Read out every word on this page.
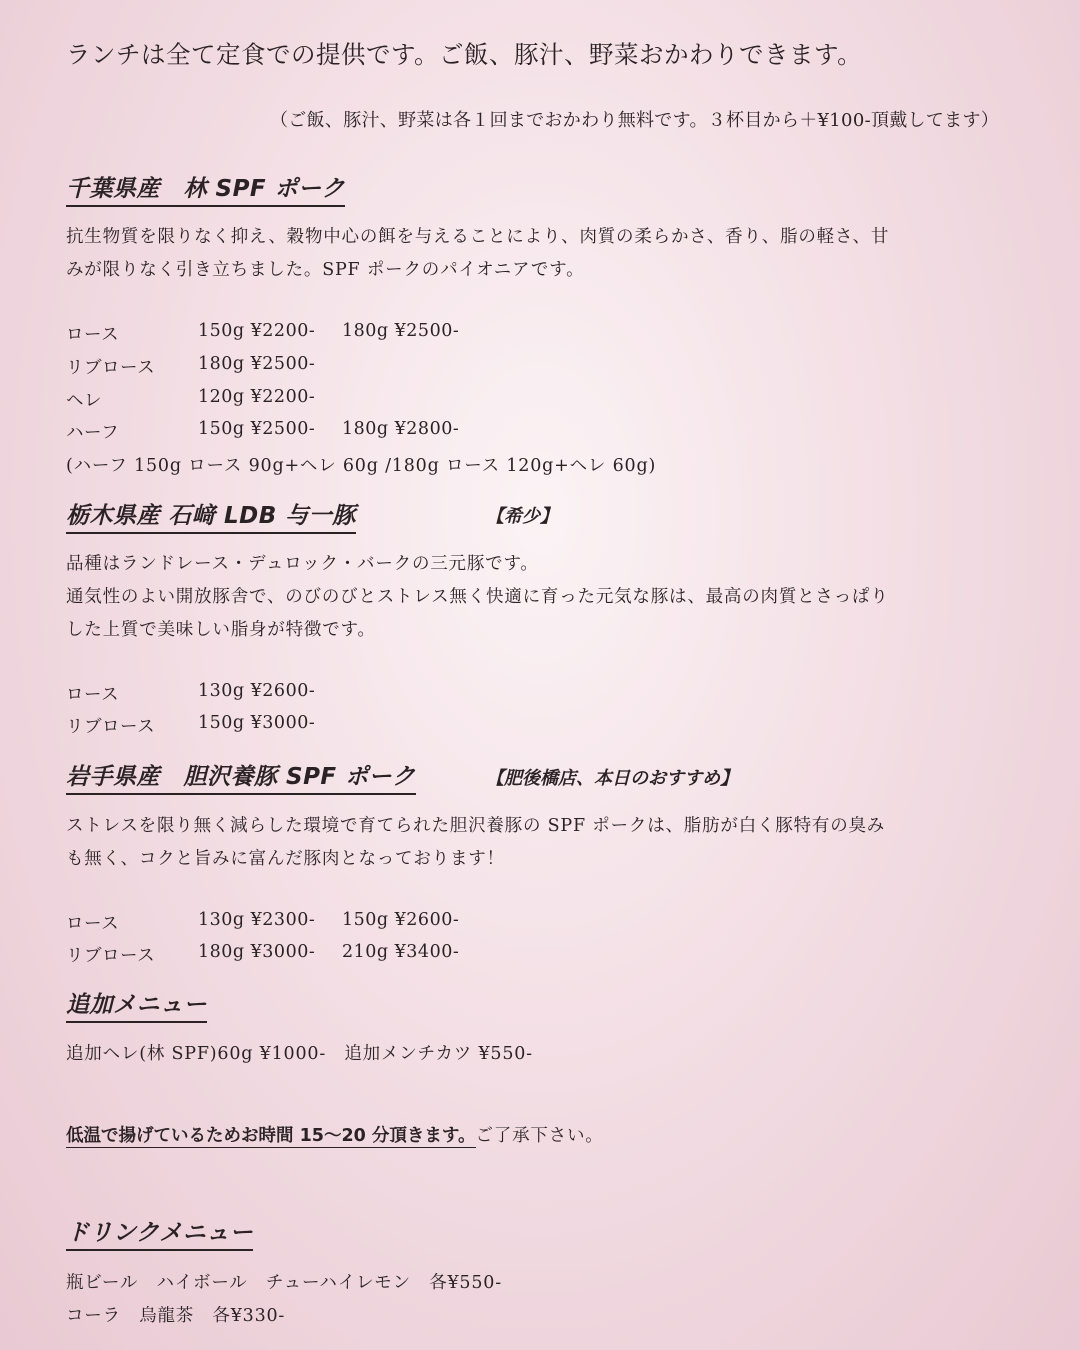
ランチは全て定食での提供です。ご飯、豚汁、野菜おかわりできます。
（ご飯、豚汁、野菜は各１回までおかわり無料です。３杯目から＋¥100-頂戴してます）
千葉県産　林 SPF ポーク
抗生物質を限りなく抑え、穀物中心の餌を与えることにより、肉質の柔らかさ、香り、脂の軽さ、甘
みが限りなく引き立ちました。SPF ポークのパイオニアです。
ロース	150g ¥2200- 180g ¥2500-
リブロース 180g ¥2500-
ヘレ	120g ¥2200-
ハーフ	150g ¥2500- 180g ¥2800-
(ハーフ 150g ロース 90g+ヘレ 60g /180g ロース 120g+ヘレ 60g)
栃木県産 石﨑 LDB 与一豚	【希少】
品種はランドレース・デュロック・バークの三元豚です。
通気性のよい開放豚舎で、のびのびとストレス無く快適に育った元気な豚は、最高の肉質とさっぱり
した上質で美味しい脂身が特徴です。
ロース	130g ¥2600-
リブロース 150g ¥3000-
岩手県産　胆沢養豚 SPF ポーク	【肥後橋店、本日のおすすめ】
ストレスを限り無く減らした環境で育てられた胆沢養豚の SPF ポークは、脂肪が白く豚特有の臭み
も無く、コクと旨みに富んだ豚肉となっております！
ロース	130g ¥2300- 150g ¥2600-
リブロース 180g ¥3000- 210g ¥3400-
追加メニュー
追加ヘレ(林 SPF)60g ¥1000-　追加メンチカツ ¥550-
低温で揚げているためお時間 15〜20 分頂きます。ご了承下さい。
ドリンクメニュー
瓶ビール　ハイボール　チューハイレモン　各¥550-
コーラ　烏龍茶　各¥330-
